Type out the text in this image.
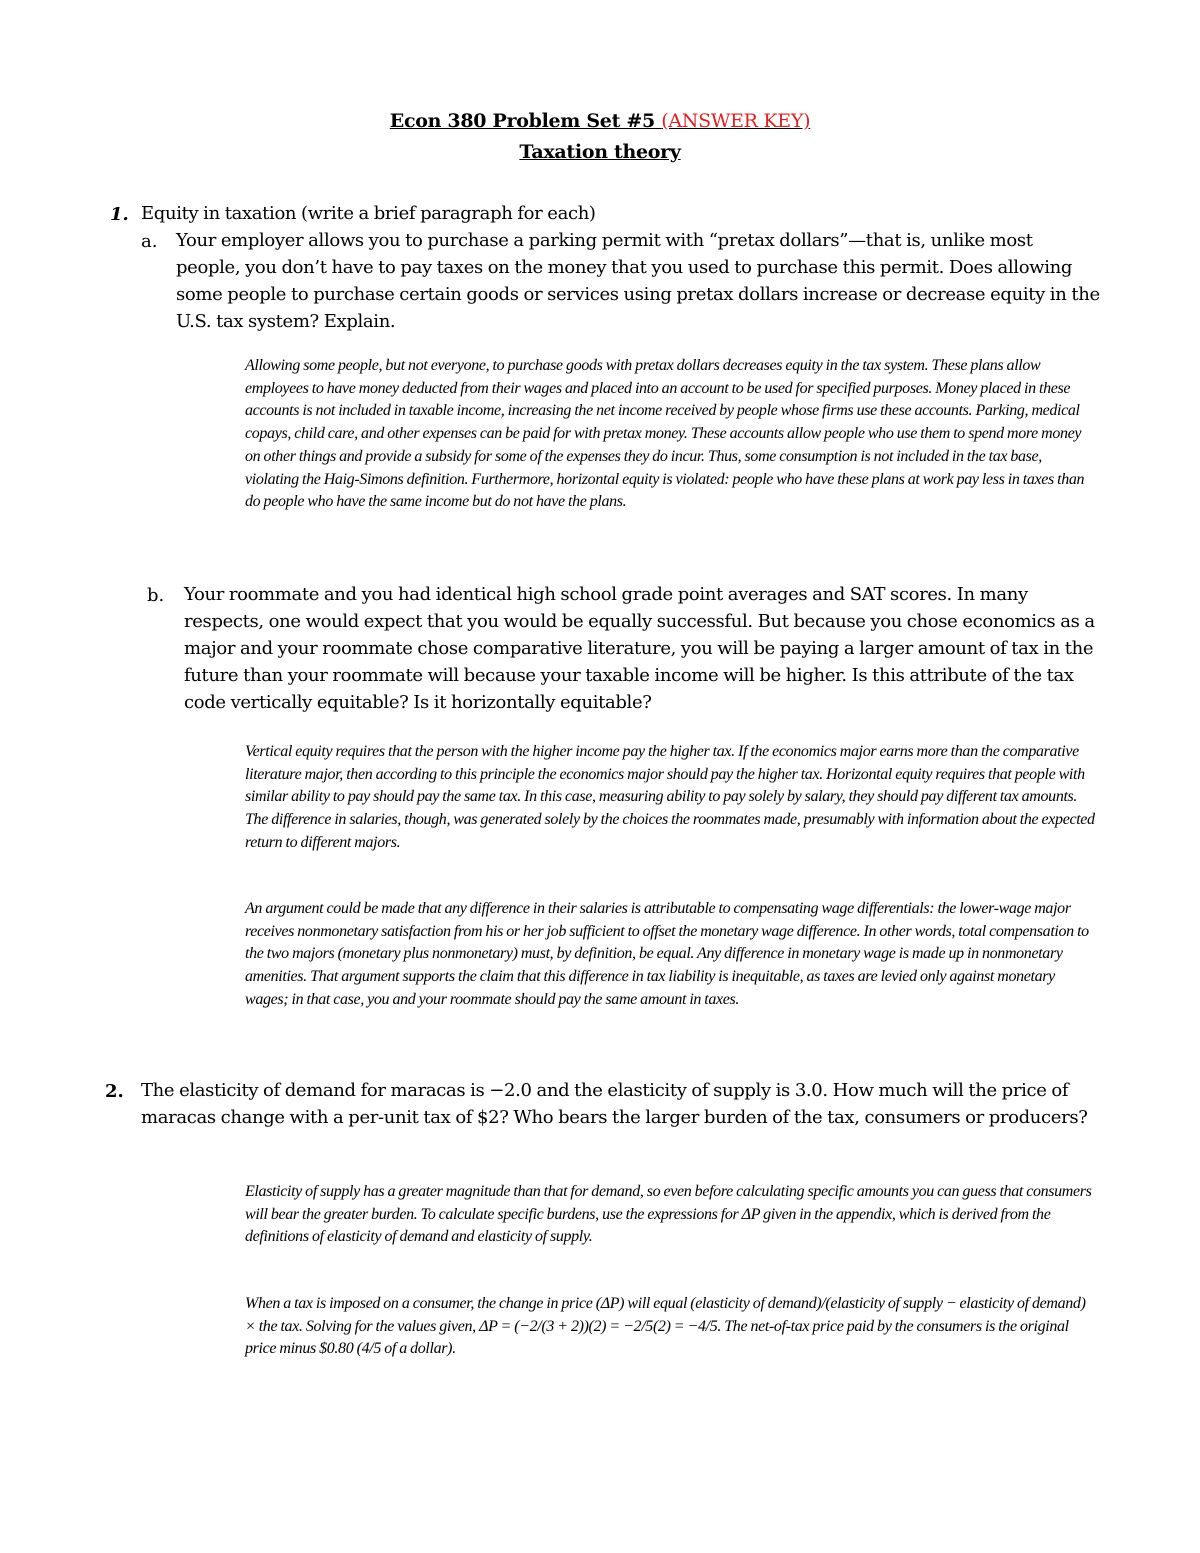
Econ 380 Problem Set #5 (ANSWER KEY)
Taxation theory
1. Equity in taxation (write a brief paragraph for each)
a. Your employer allows you to purchase a parking permit with “pretax dollars”—that is, unlike most people, you don’t have to pay taxes on the money that you used to purchase this permit. Does allowing some people to purchase certain goods or services using pretax dollars increase or decrease equity in the U.S. tax system? Explain.
Allowing some people, but not everyone, to purchase goods with pretax dollars decreases equity in the tax system. These plans allow employees to have money deducted from their wages and placed into an account to be used for specified purposes. Money placed in these accounts is not included in taxable income, increasing the net income received by people whose firms use these accounts. Parking, medical copays, child care, and other expenses can be paid for with pretax money. These accounts allow people who use them to spend more money on other things and provide a subsidy for some of the expenses they do incur. Thus, some consumption is not included in the tax base, violating the Haig-Simons definition. Furthermore, horizontal equity is violated: people who have these plans at work pay less in taxes than do people who have the same income but do not have the plans.
b. Your roommate and you had identical high school grade point averages and SAT scores. In many respects, one would expect that you would be equally successful. But because you chose economics as a major and your roommate chose comparative literature, you will be paying a larger amount of tax in the future than your roommate will because your taxable income will be higher. Is this attribute of the tax code vertically equitable? Is it horizontally equitable?
Vertical equity requires that the person with the higher income pay the higher tax. If the economics major earns more than the comparative literature major, then according to this principle the economics major should pay the higher tax. Horizontal equity requires that people with similar ability to pay should pay the same tax. In this case, measuring ability to pay solely by salary, they should pay different tax amounts. The difference in salaries, though, was generated solely by the choices the roommates made, presumably with information about the expected return to different majors.
An argument could be made that any difference in their salaries is attributable to compensating wage differentials: the lower-wage major receives nonmonetary satisfaction from his or her job sufficient to offset the monetary wage difference. In other words, total compensation to the two majors (monetary plus nonmonetary) must, by definition, be equal. Any difference in monetary wage is made up in nonmonetary amenities. That argument supports the claim that this difference in tax liability is inequitable, as taxes are levied only against monetary wages; in that case, you and your roommate should pay the same amount in taxes.
2. The elasticity of demand for maracas is −2.0 and the elasticity of supply is 3.0. How much will the price of maracas change with a per-unit tax of $2? Who bears the larger burden of the tax, consumers or producers?
Elasticity of supply has a greater magnitude than that for demand, so even before calculating specific amounts you can guess that consumers will bear the greater burden. To calculate specific burdens, use the expressions for ΔP given in the appendix, which is derived from the definitions of elasticity of demand and elasticity of supply.
When a tax is imposed on a consumer, the change in price (ΔP) will equal (elasticity of demand)/(elasticity of supply − elasticity of demand) × the tax. Solving for the values given, ΔP = (−2/(3 + 2))(2) = −2/5(2) = −4/5. The net-of-tax price paid by the consumers is the original price minus $0.80 (4/5 of a dollar).
